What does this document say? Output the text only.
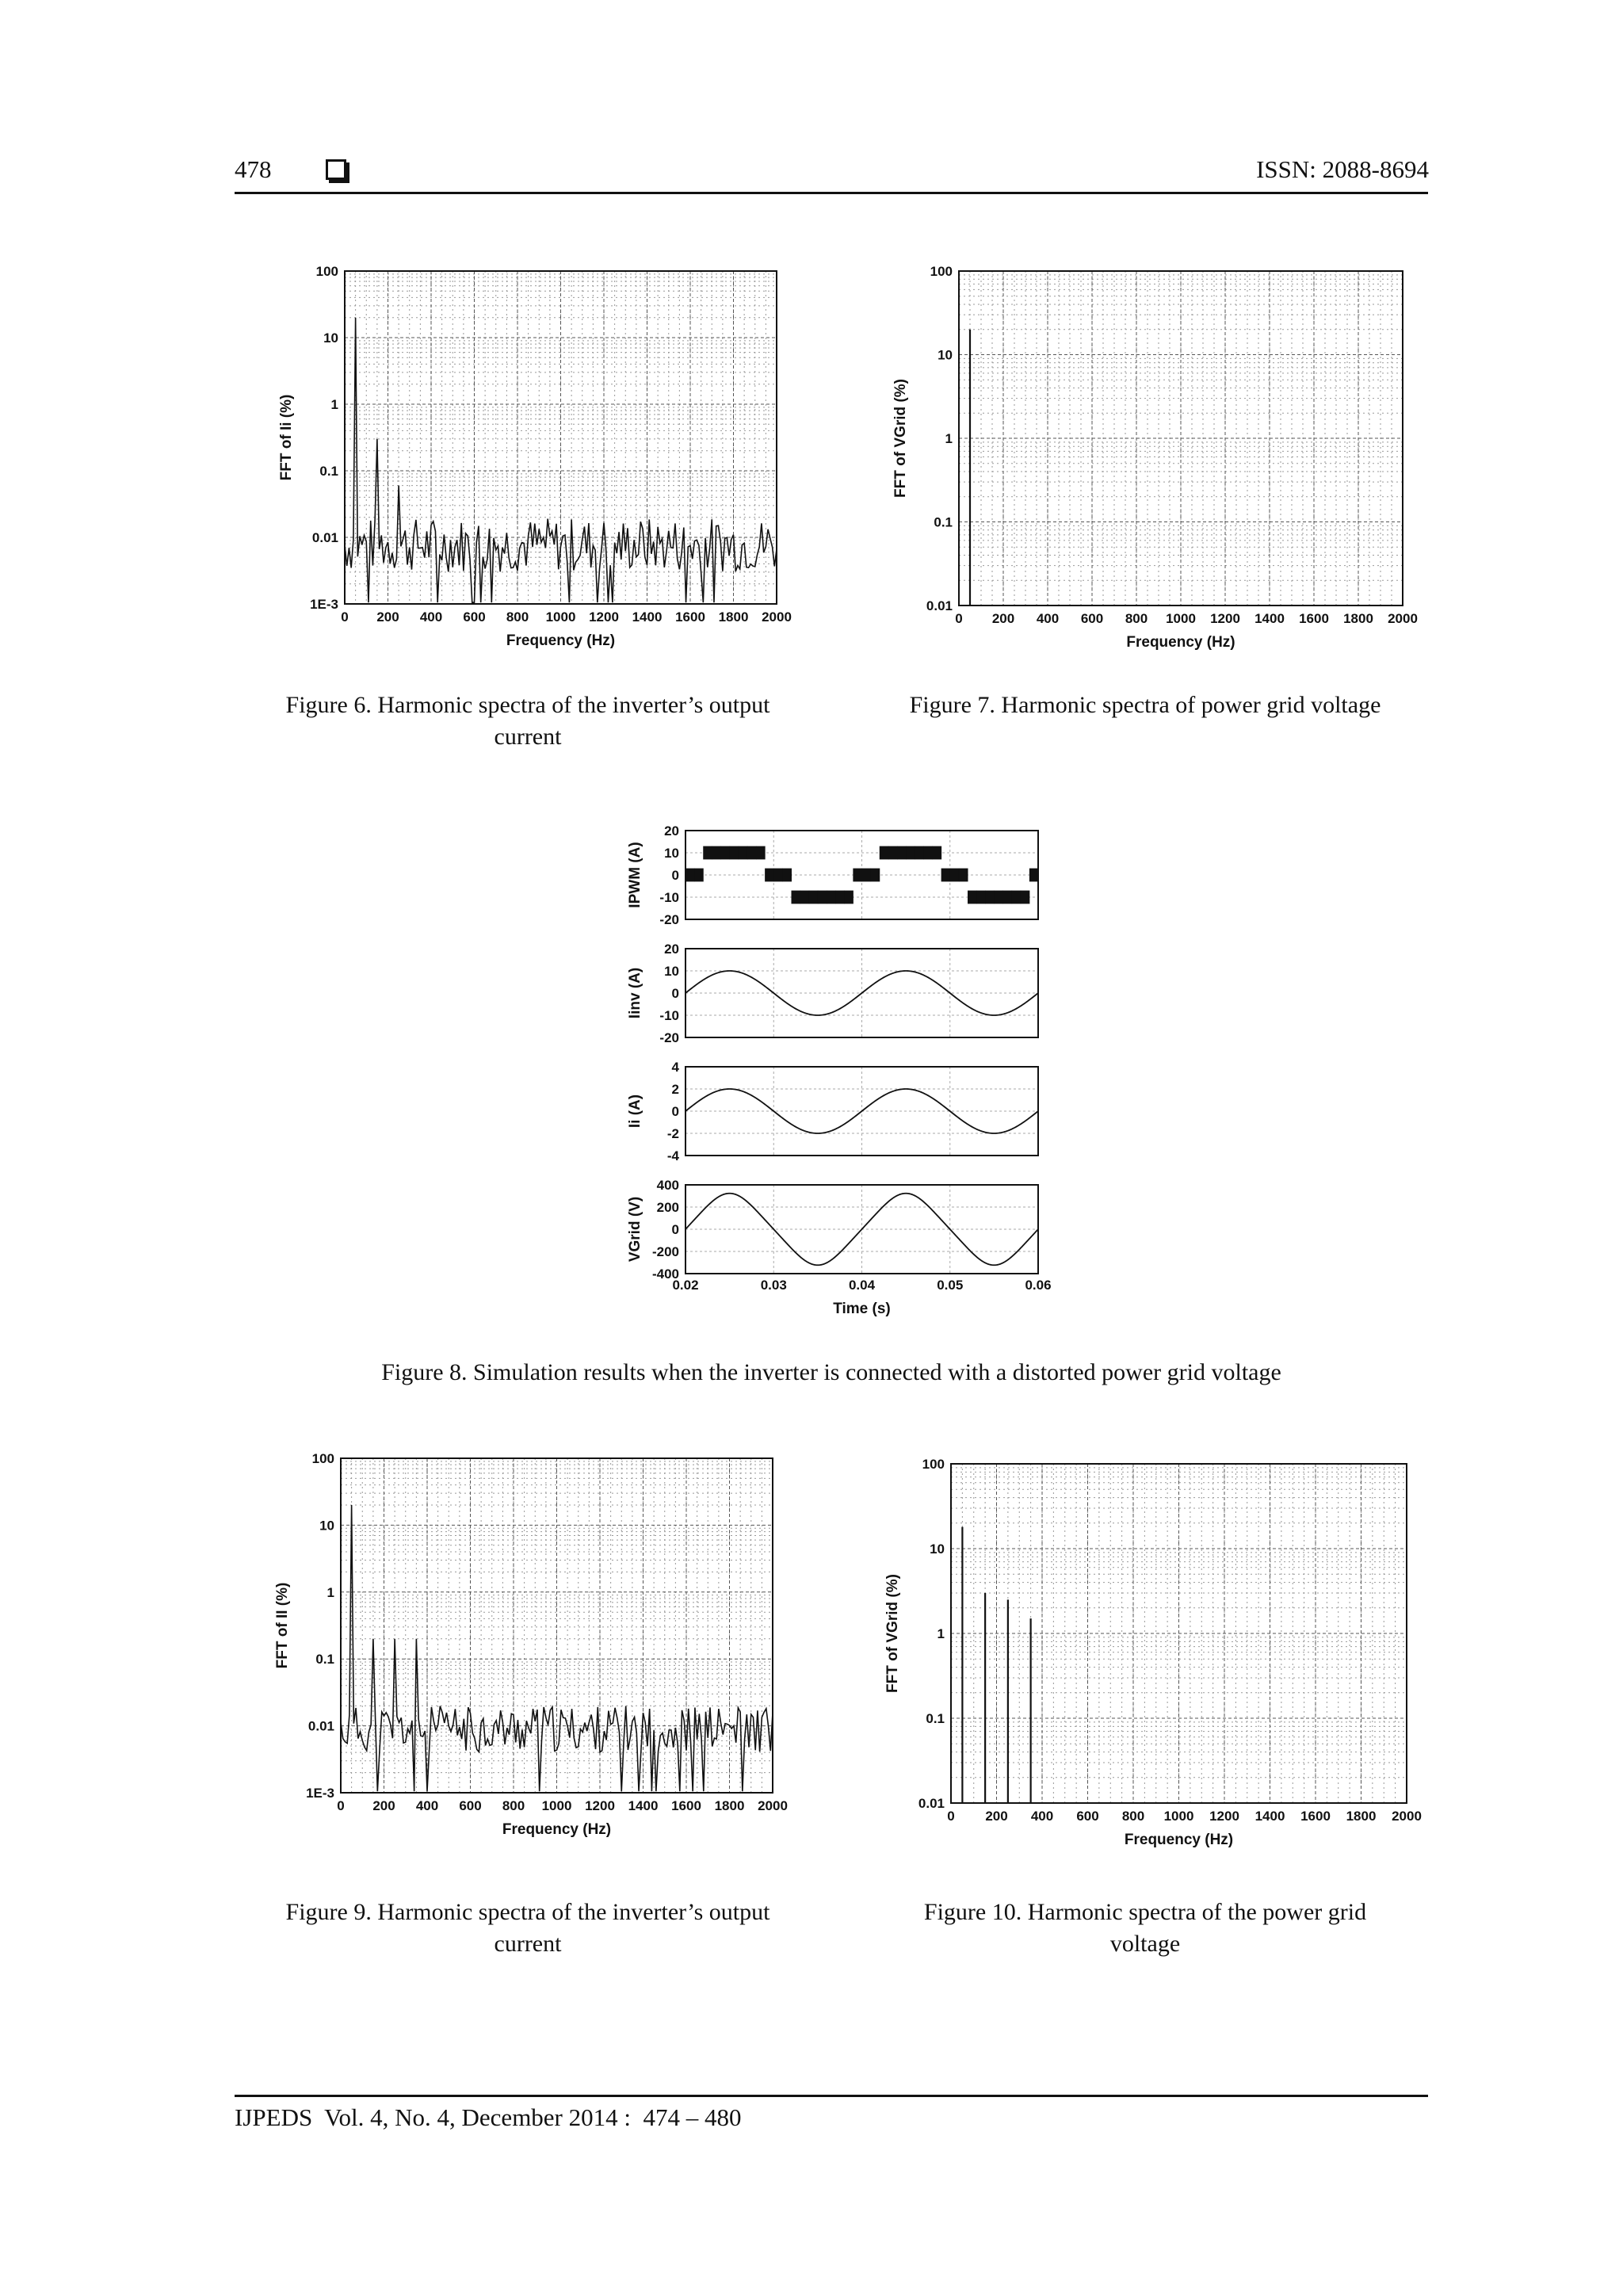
478	ISSN: 2088-8694
0 200 400 600 800 1000 1200 1400 1600 1800 2000
1E-3
0.01
0.1
1
10
100
Frequency (Hz)
FFT of Ii (%)
Figure 6. Harmonic spectra of the inverter’s output
current
0 200 400 600 800 1000 1200 1400 1600 1800 2000
0.01
0.1
1
10
100
Frequency (Hz)
FFT of VGrid (%)
Figure 7. Harmonic spectra of power grid voltage
20
10
0
-10
-20
IPWM (A)
20
10
0
-10
-20
Iinv (A)
4
2
0
-2
-4
Ii (A)
400
200
0
-200
-400
VGrid (V)
0.02	0.03	0.04	0.05	0.06
Time (s)
Figure 8. Simulation results when the inverter is connected with a distorted power grid voltage
0 200 400 600 800 1000 1200 1400 1600 1800 2000
1E-3
0.01
0.1
1
10
100
Frequency (Hz)
FFT of II (%)
Figure 9. Harmonic spectra of the inverter’s output
current
0 200 400 600 800 1000 1200 1400 1600 1800 2000
0.01
0.1
1
10
100
Frequency (Hz)
FFT of VGrid (%)
Figure 10. Harmonic spectra of the power grid
voltage
IJPEDS  Vol. 4, No. 4, December 2014 :  474 – 480
